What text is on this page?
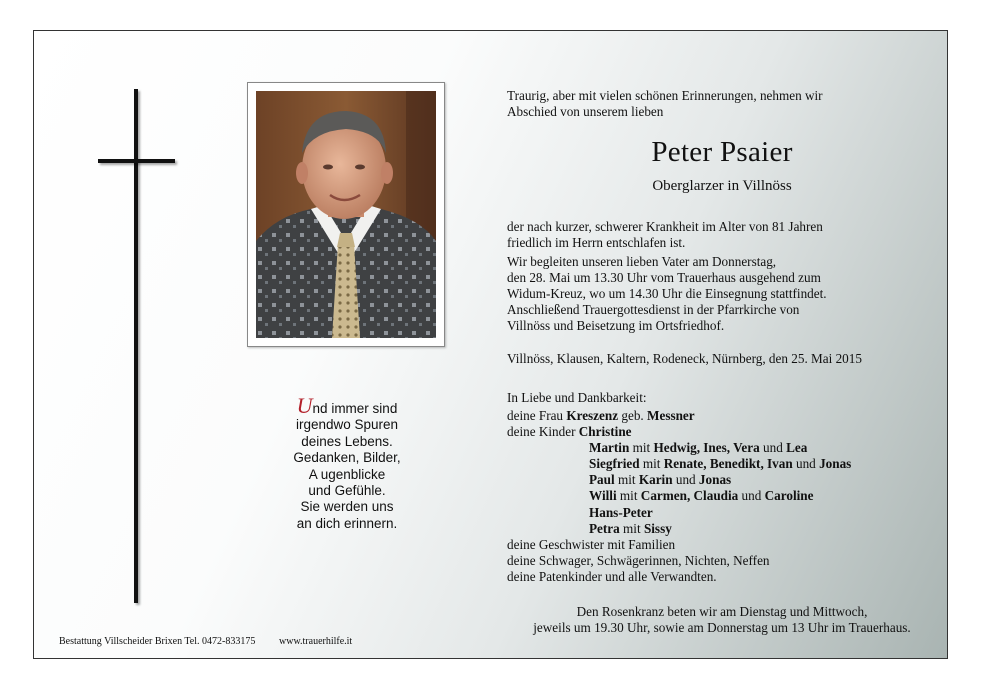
Und immer sind
irgendwo Spuren
deines Lebens.
Gedanken, Bilder,
A ugenblicke
und Gefühle.
Sie werden uns
an dich erinnern.
Bestattung Villscheider Brixen Tel. 0472-833175 www.trauerhilfe.it
Traurig, aber mit vielen schönen Erinnerungen, nehmen wir
Abschied von unserem lieben
Peter Psaier
Oberglarzer in Villnöss
der nach kurzer, schwerer Krankheit im Alter von 81 Jahren
friedlich im Herrn entschlafen ist.
Wir begleiten unseren lieben Vater am Donnerstag,
den 28. Mai um 13.30 Uhr vom Trauerhaus ausgehend zum
Widum-Kreuz, wo um 14.30 Uhr die Einsegnung stattfindet.
Anschließend Trauergottesdienst in der Pfarrkirche von
Villnöss und Beisetzung im Ortsfriedhof.
Villnöss, Klausen, Kaltern, Rodeneck, Nürnberg, den 25. Mai 2015
In Liebe und Dankbarkeit:
deine Frau Kreszenz geb. Messner
deine Kinder Christine
Martin mit Hedwig, Ines, Vera und Lea
Siegfried mit Renate, Benedikt, Ivan und Jonas
Paul mit Karin und Jonas
Willi mit Carmen, Claudia und Caroline
Hans-Peter
Petra mit Sissy
deine Geschwister mit Familien
deine Schwager, Schwägerinnen, Nichten, Neffen
deine Patenkinder und alle Verwandten.
Den Rosenkranz beten wir am Dienstag und Mittwoch,
jeweils um 19.30 Uhr, sowie am Donnerstag um 13 Uhr im Trauerhaus.
